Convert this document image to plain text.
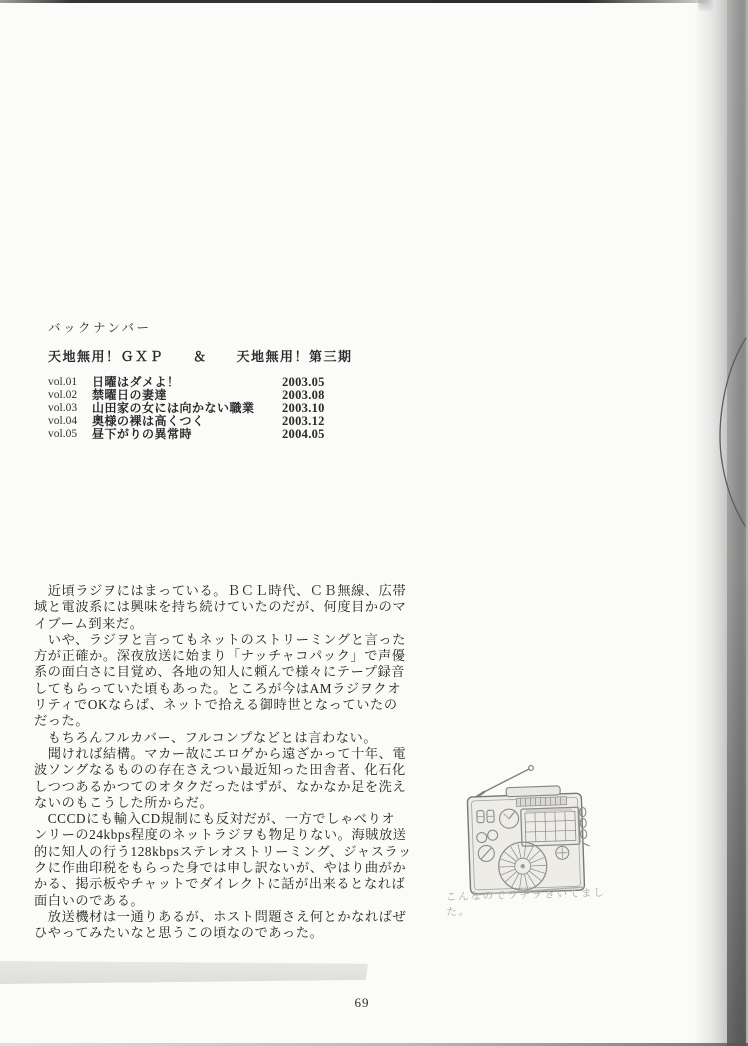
バックナンバー
天地無用！ＧＸＰ　　＆　　天地無用！第三期
vol.01	日曜はダメよ！	2003.05
vol.02	禁曜日の妻達	2003.08
vol.03	山田家の女には向かない職業	2003.10
vol.04	奥様の裸は高くつく	2003.12
vol.05	昼下がりの異常時	2004.05
　近頃ラジヲにはまっている。ＢＣＬ時代、ＣＢ無線、広帯
域と電波系には興味を持ち続けていたのだが、何度目かのマ
イブーム到来だ。
　いや、ラジヲと言ってもネットのストリーミングと言った
方が正確か。深夜放送に始まり「ナッチャコパック」で声優
系の面白さに目覚め、各地の知人に頼んで様々にテープ録音
してもらっていた頃もあった。ところが今はAMラジヲクオ
リティでOKならば、ネットで拾える御時世となっていたの
だった。
　もちろんフルカバー、フルコンプなどとは言わない。
　聞ければ結構。マカー故にエロゲから遠ざかって十年、電
波ソングなるものの存在さえつい最近知った田舎者、化石化
しつつあるかつてのオタクだったはずが、なかなか足を洗え
ないのもこうした所からだ。
　CCCDにも輸入CD規制にも反対だが、一方でしゃべりオ
ンリーの24kbps程度のネットラジヲも物足りない。海賊放送
的に知人の行う128kbpsステレオストリーミング、ジャスラッ
クに作曲印税をもらった身では申し訳ないが、やはり曲がか
かる、掲示板やチャットでダイレクトに話が出来るとなれば
面白いのである。
　放送機材は一通りあるが、ホスト問題さえ何とかなればぜ
ひやってみたいなと思うこの頃なのであった。
こんなのでラヂヲきいてました。
69
